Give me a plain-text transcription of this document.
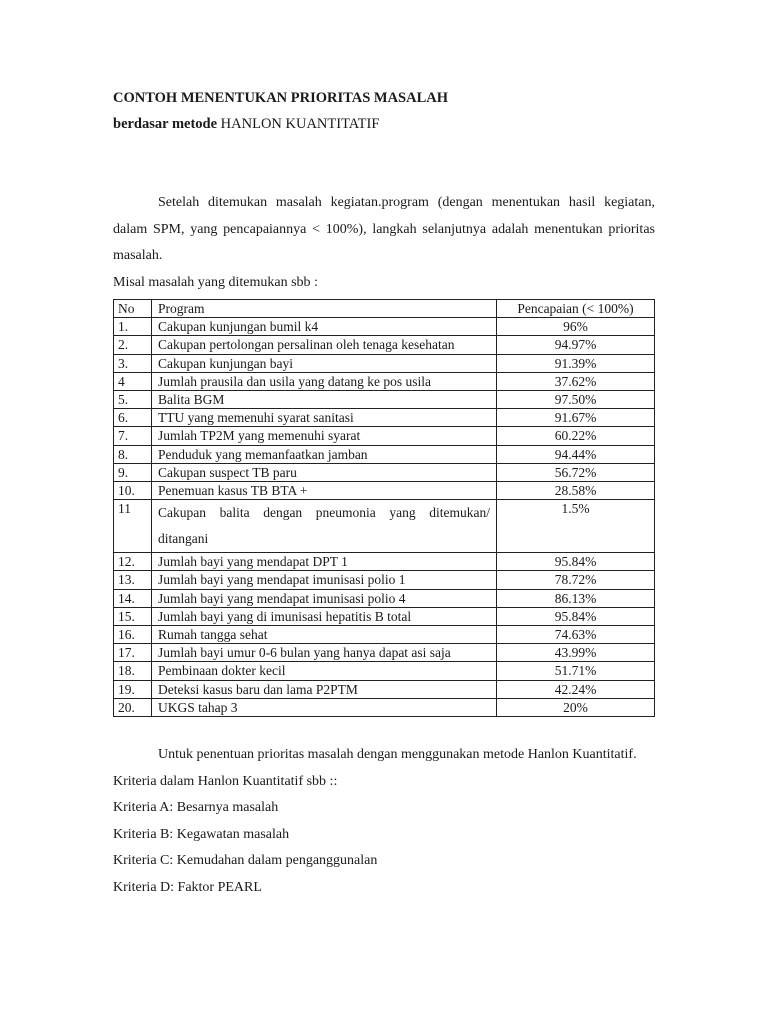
CONTOH MENENTUKAN PRIORITAS MASALAH

berdasar metode HANLON KUANTITATIF

Setelah ditemukan masalah kegiatan.program (dengan menentukan hasil kegiatan, dalam SPM, yang pencapaiannya < 100%), langkah selanjutnya adalah menentukan prioritas masalah.

Misal masalah yang ditemukan sbb :

No	Program	Pencapaian (< 100%)
1.	Cakupan kunjungan bumil k4	96%
2.	Cakupan pertolongan persalinan oleh tenaga kesehatan	94.97%
3.	Cakupan kunjungan bayi	91.39%
4	Jumlah prausila dan usila yang datang ke pos usila	37.62%
5.	Balita BGM	97.50%
6.	TTU yang memenuhi syarat sanitasi	91.67%
7.	Jumlah TP2M yang memenuhi syarat	60.22%
8.	Penduduk yang memanfaatkan jamban	94.44%
9.	Cakupan suspect TB paru	56.72%
10.	Penemuan kasus TB BTA +	28.58%
11	Cakupan balita dengan pneumonia yang ditemukan/ ditangani	1.5%
12.	Jumlah bayi yang mendapat DPT 1	95.84%
13.	Jumlah bayi yang mendapat imunisasi polio 1	78.72%
14.	Jumlah bayi yang mendapat imunisasi polio 4	86.13%
15.	Jumlah bayi yang di imunisasi hepatitis B total	95.84%
16.	Rumah tangga sehat	74.63%
17.	Jumlah bayi umur 0-6 bulan yang hanya dapat asi saja	43.99%
18.	Pembinaan dokter kecil	51.71%
19.	Deteksi kasus baru dan lama P2PTM	42.24%
20.	UKGS tahap 3	20%

Untuk penentuan prioritas masalah dengan menggunakan metode Hanlon Kuantitatif.

Kriteria dalam Hanlon Kuantitatif sbb ::

Kriteria A: Besarnya masalah

Kriteria B: Kegawatan masalah

Kriteria C: Kemudahan dalam penganggunalan

Kriteria D: Faktor PEARL
